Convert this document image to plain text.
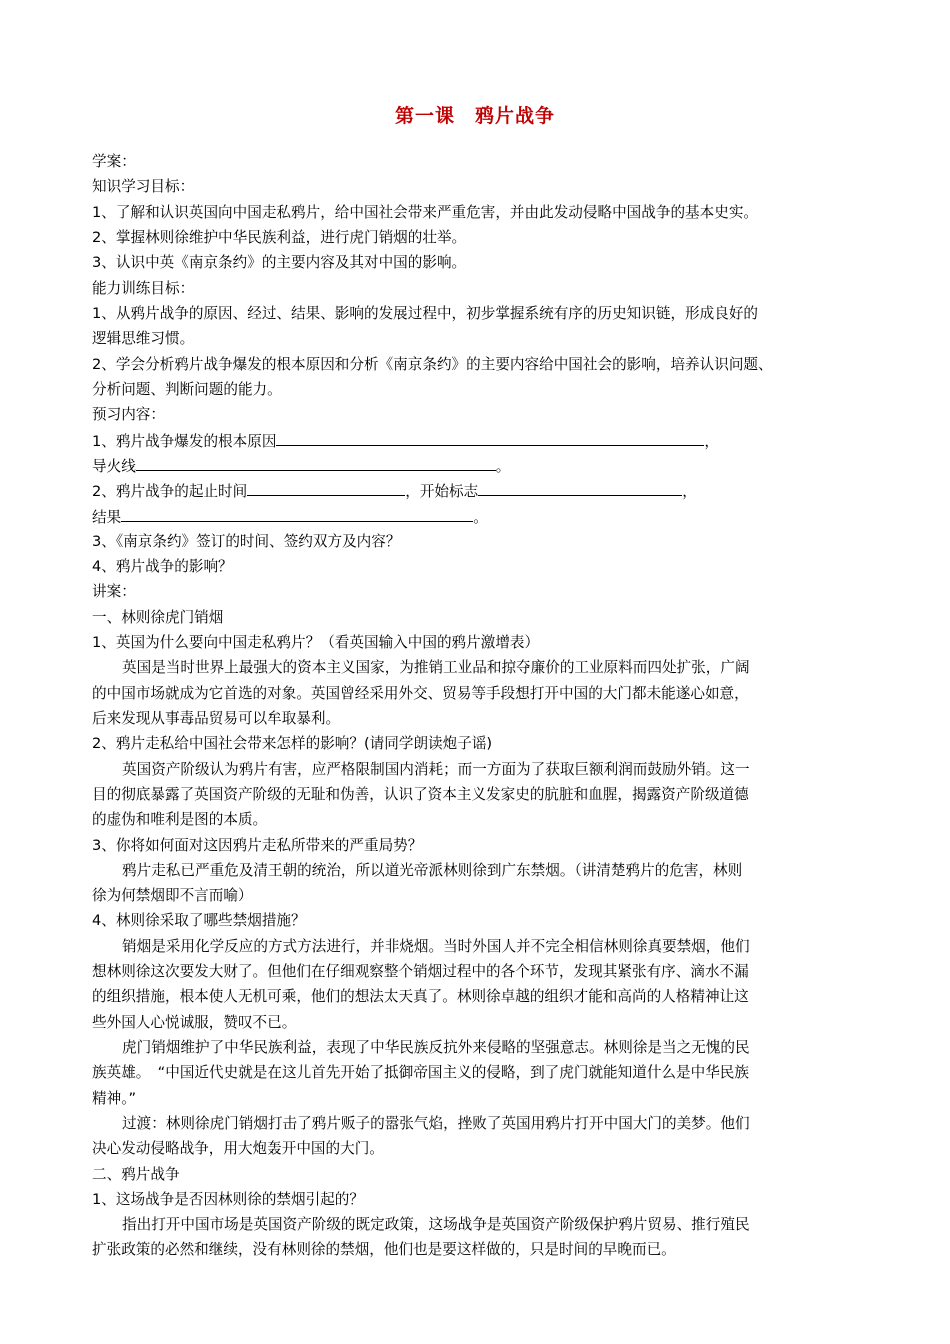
第一课　鸦片战争
学案：
知识学习目标：
1、了解和认识英国向中国走私鸦片，给中国社会带来严重危害，并由此发动侵略中国战争的基本史实。
2、掌握林则徐维护中华民族利益，进行虎门销烟的壮举。
3、认识中英《南京条约》的主要内容及其对中国的影响。
能力训练目标：
1、从鸦片战争的原因、经过、结果、影响的发展过程中，初步掌握系统有序的历史知识链，形成良好的
逻辑思维习惯。
2、学会分析鸦片战争爆发的根本原因和分析《南京条约》的主要内容给中国社会的影响，培养认识问题、
分析问题、判断问题的能力。
预习内容：
1、鸦片战争爆发的根本原因	，
导火线	。
2、鸦片战争的起止时间	，开始标志	，
结果	。
3、《南京条约》签订的时间、签约双方及内容？
4、鸦片战争的影响？
讲案：
一、林则徐虎门销烟
1、英国为什么要向中国走私鸦片？（看英国输入中国的鸦片激增表）
英国是当时世界上最强大的资本主义国家，为推销工业品和掠夺廉价的工业原料而四处扩张，广阔
的中国市场就成为它首选的对象。英国曾经采用外交、贸易等手段想打开中国的大门都未能遂心如意，
后来发现从事毒品贸易可以牟取暴利。
2、鸦片走私给中国社会带来怎样的影响？(请同学朗读炮子谣)
英国资产阶级认为鸦片有害，应严格限制国内消耗；而一方面为了获取巨额利润而鼓励外销。这一
目的彻底暴露了英国资产阶级的无耻和伪善，认识了资本主义发家史的肮脏和血腥，揭露资产阶级道德
的虚伪和唯利是图的本质。
3、你将如何面对这因鸦片走私所带来的严重局势？
鸦片走私已严重危及清王朝的统治，所以道光帝派林则徐到广东禁烟。（讲清楚鸦片的危害，林则
徐为何禁烟即不言而喻）
4、林则徐采取了哪些禁烟措施？
销烟是采用化学反应的方式方法进行，并非烧烟。当时外国人并不完全相信林则徐真要禁烟，他们
想林则徐这次要发大财了。但他们在仔细观察整个销烟过程中的各个环节，发现其紧张有序、滴水不漏
的组织措施，根本使人无机可乘，他们的想法太天真了。林则徐卓越的组织才能和高尚的人格精神让这
些外国人心悦诚服，赞叹不已。
虎门销烟维护了中华民族利益，表现了中华民族反抗外来侵略的坚强意志。林则徐是当之无愧的民
族英雄。　“中国近代史就是在这儿首先开始了抵御帝国主义的侵略，到了虎门就能知道什么是中华民族
精神。”
过渡：林则徐虎门销烟打击了鸦片贩子的嚣张气焰，挫败了英国用鸦片打开中国大门的美梦。他们
决心发动侵略战争，用大炮轰开中国的大门。
二、鸦片战争
1、这场战争是否因林则徐的禁烟引起的？
指出打开中国市场是英国资产阶级的既定政策，这场战争是英国资产阶级保护鸦片贸易、推行殖民
扩张政策的必然和继续，没有林则徐的禁烟，他们也是要这样做的，只是时间的早晚而已。
